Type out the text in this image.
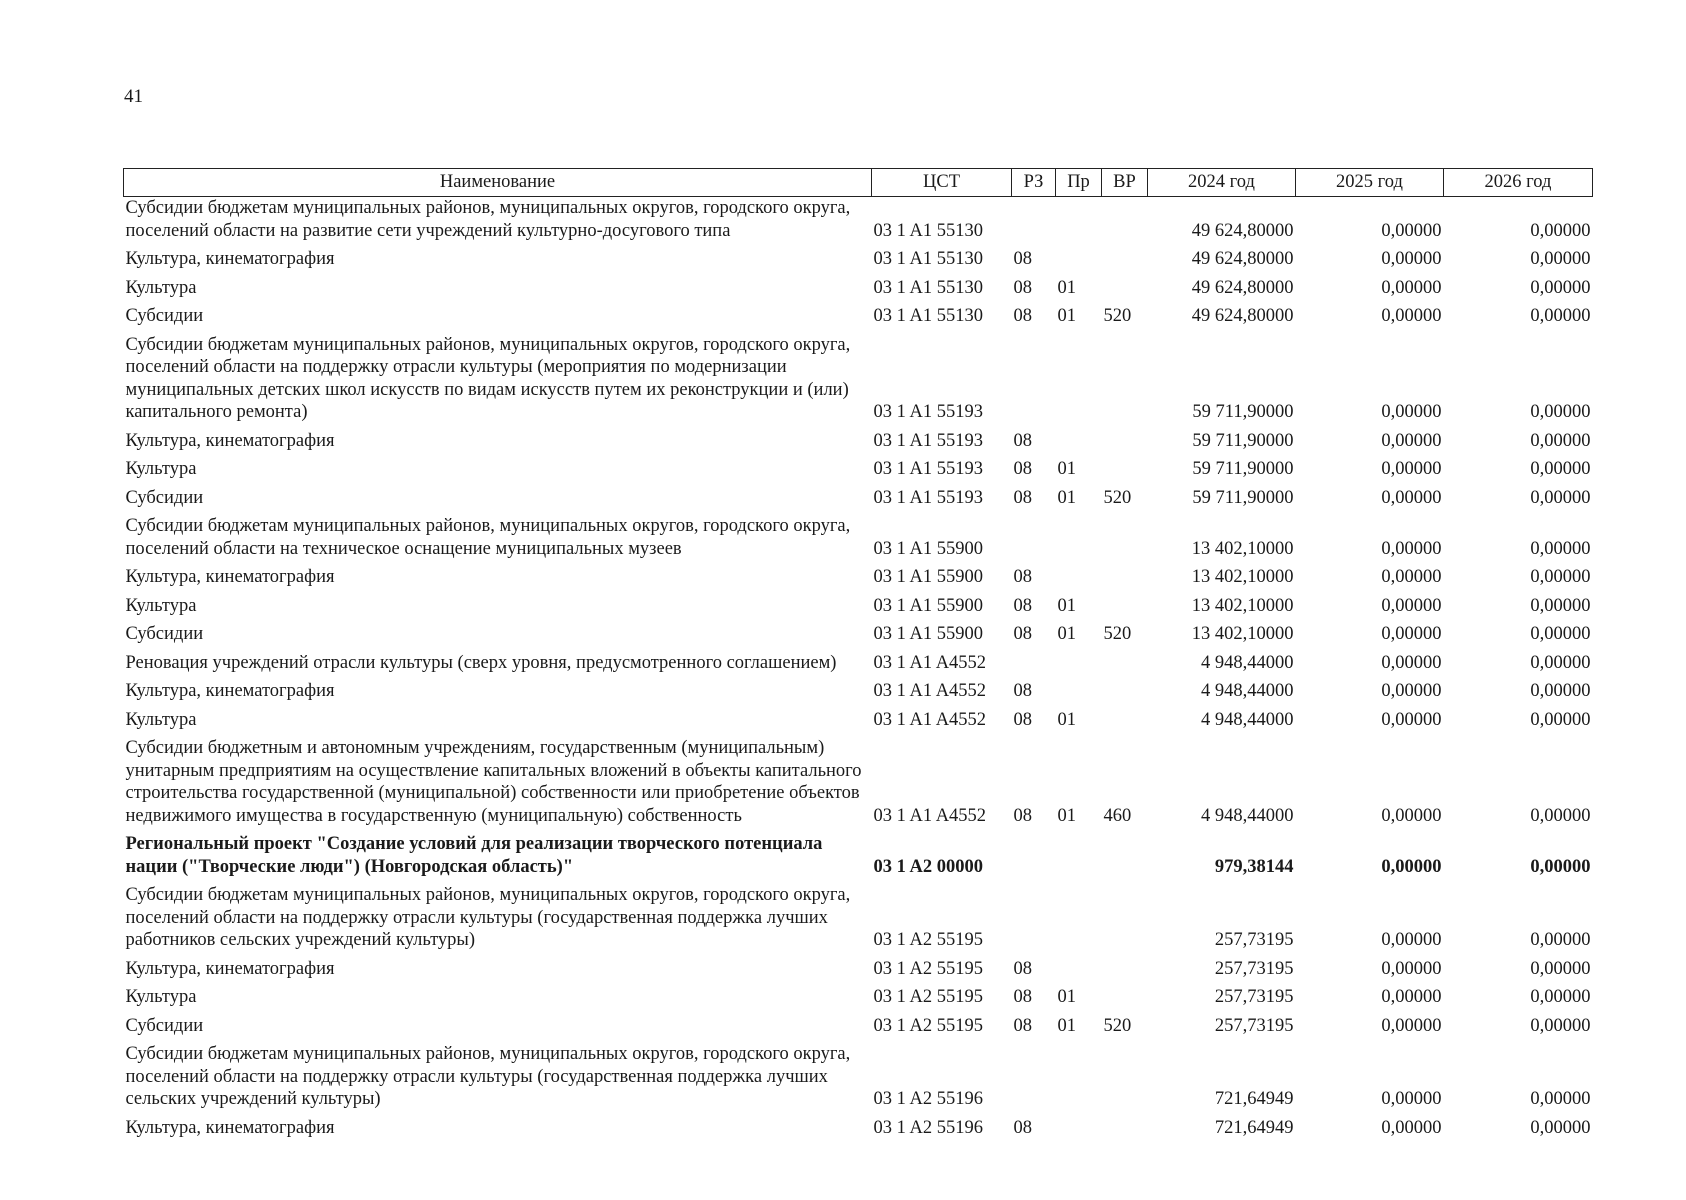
41
Наименование	ЦСТ	РЗ	Пр	ВР	2024 год	2025 год	2026 год
Субсидии бюджетам муниципальных районов, муниципальных округов, городского округа, поселений области на развитие сети учреждений культурно-досугового типа	03 1 A1 55130				49 624,80000	0,00000	0,00000
Культура, кинематография	03 1 A1 55130	08			49 624,80000	0,00000	0,00000
Культура	03 1 A1 55130	08	01		49 624,80000	0,00000	0,00000
Субсидии	03 1 A1 55130	08	01	520	49 624,80000	0,00000	0,00000
Субсидии бюджетам муниципальных районов, муниципальных округов, городского округа, поселений области на поддержку отрасли культуры (мероприятия по модернизации муниципальных детских школ искусств по видам искусств путем их реконструкции и (или) капитального ремонта)	03 1 A1 55193				59 711,90000	0,00000	0,00000
Культура, кинематография	03 1 A1 55193	08			59 711,90000	0,00000	0,00000
Культура	03 1 A1 55193	08	01		59 711,90000	0,00000	0,00000
Субсидии	03 1 A1 55193	08	01	520	59 711,90000	0,00000	0,00000
Субсидии бюджетам муниципальных районов, муниципальных округов, городского округа, поселений области на техническое оснащение муниципальных музеев	03 1 A1 55900				13 402,10000	0,00000	0,00000
Культура, кинематография	03 1 A1 55900	08			13 402,10000	0,00000	0,00000
Культура	03 1 A1 55900	08	01		13 402,10000	0,00000	0,00000
Субсидии	03 1 A1 55900	08	01	520	13 402,10000	0,00000	0,00000
Реновация учреждений отрасли культуры (сверх уровня, предусмотренного соглашением)	03 1 A1 A4552				4 948,44000	0,00000	0,00000
Культура, кинематография	03 1 A1 A4552	08			4 948,44000	0,00000	0,00000
Культура	03 1 A1 A4552	08	01		4 948,44000	0,00000	0,00000
Субсидии бюджетным и автономным учреждениям, государственным (муниципальным) унитарным предприятиям на осуществление капитальных вложений в объекты капитального строительства государственной (муниципальной) собственности или приобретение объектов недвижимого имущества в государственную (муниципальную) собственность	03 1 A1 A4552	08	01	460	4 948,44000	0,00000	0,00000
Региональный проект "Создание условий для реализации творческого потенциала нации ("Творческие люди") (Новгородская область)"	03 1 A2 00000				979,38144	0,00000	0,00000
Субсидии бюджетам муниципальных районов, муниципальных округов, городского округа, поселений области на поддержку отрасли культуры (государственная поддержка лучших работников сельских учреждений культуры)	03 1 A2 55195				257,73195	0,00000	0,00000
Культура, кинематография	03 1 A2 55195	08			257,73195	0,00000	0,00000
Культура	03 1 A2 55195	08	01		257,73195	0,00000	0,00000
Субсидии	03 1 A2 55195	08	01	520	257,73195	0,00000	0,00000
Субсидии бюджетам муниципальных районов, муниципальных округов, городского округа, поселений области на поддержку отрасли культуры (государственная поддержка лучших сельских учреждений культуры)	03 1 A2 55196				721,64949	0,00000	0,00000
Культура, кинематография	03 1 A2 55196	08			721,64949	0,00000	0,00000
